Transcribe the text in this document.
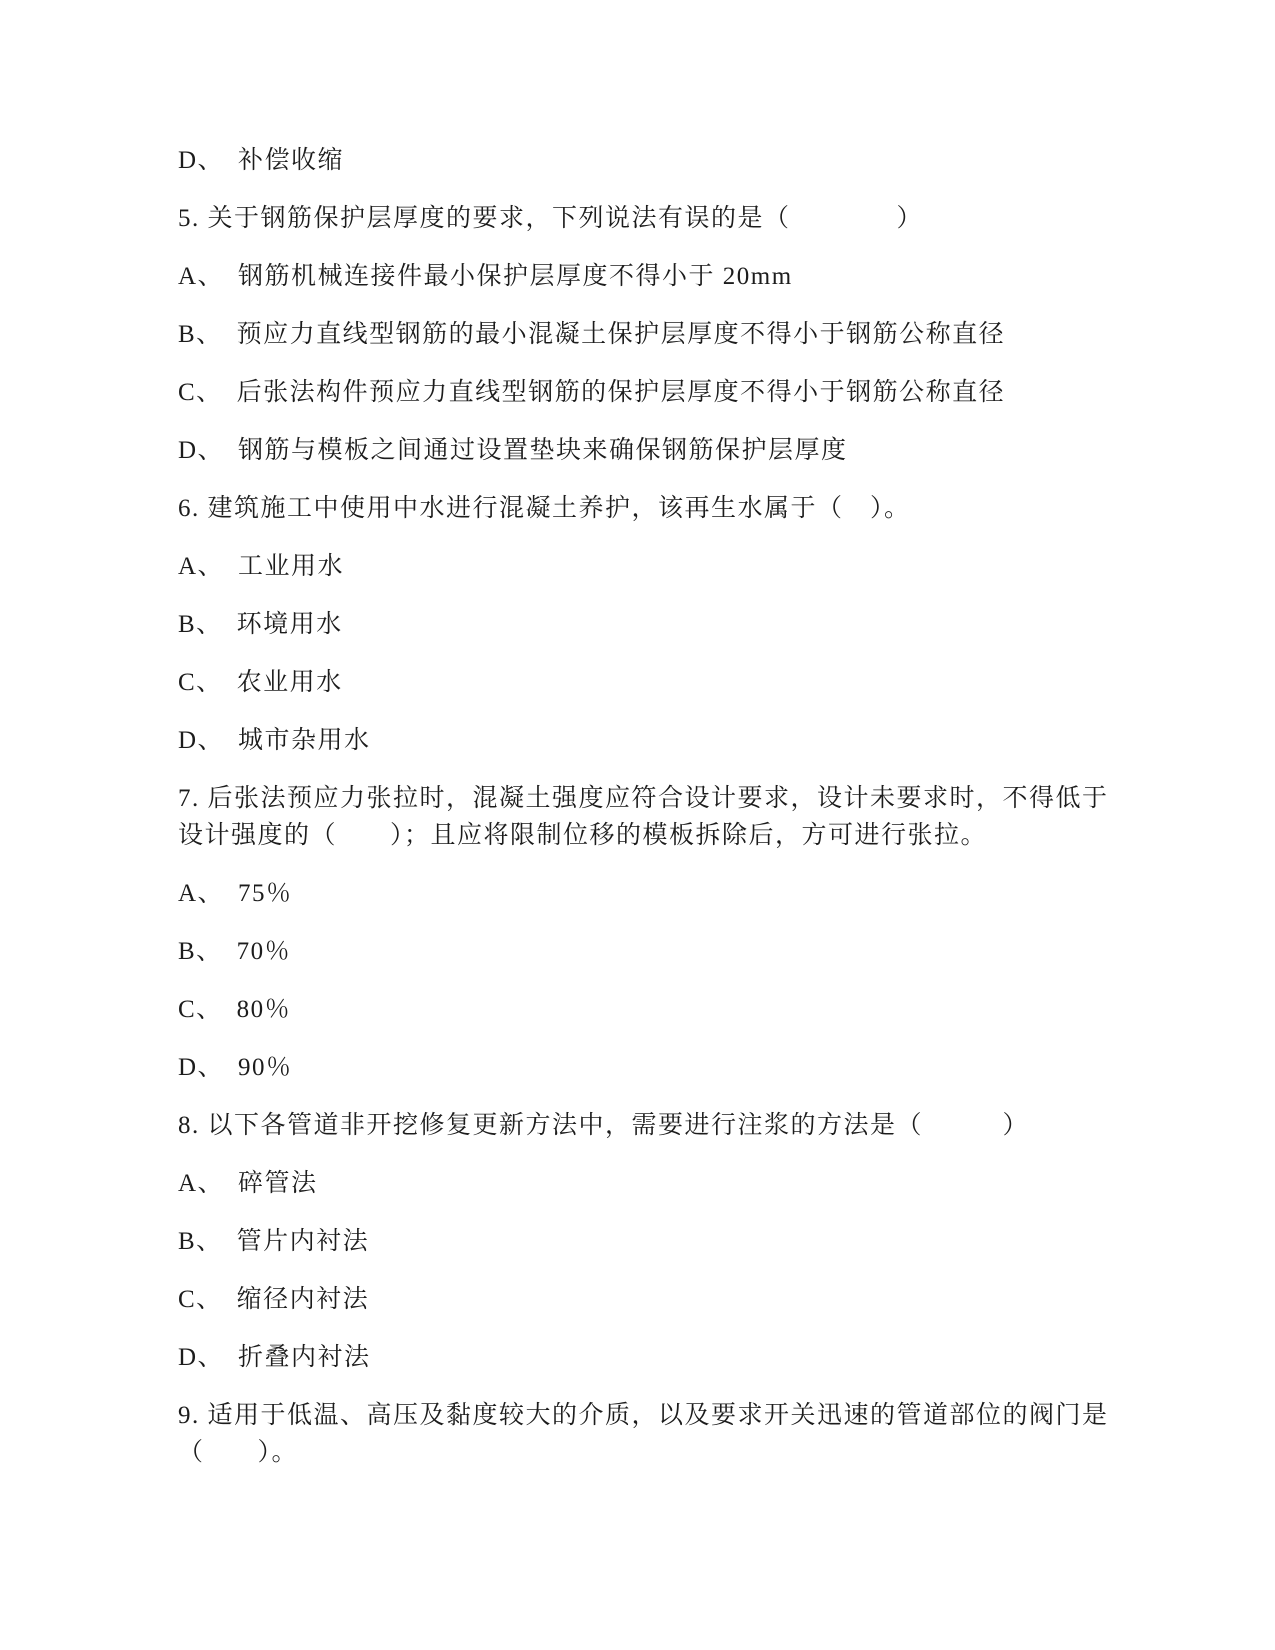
D、　补偿收缩

5. 关于钢筋保护层厚度的要求，下列说法有误的是（　　　　）

A、　钢筋机械连接件最小保护层厚度不得小于 20mm

B、　预应力直线型钢筋的最小混凝土保护层厚度不得小于钢筋公称直径

C、　后张法构件预应力直线型钢筋的保护层厚度不得小于钢筋公称直径

D、　钢筋与模板之间通过设置垫块来确保钢筋保护层厚度

6. 建筑施工中使用中水进行混凝土养护，该再生水属于（　）。

A、　工业用水

B、　环境用水

C、　农业用水

D、　城市杂用水

7. 后张法预应力张拉时，混凝土强度应符合设计要求，设计未要求时，不得低于

设计强度的（　　）；且应将限制位移的模板拆除后，方可进行张拉。

A、　75％

B、　70％

C、　80％

D、　90％

8. 以下各管道非开挖修复更新方法中，需要进行注浆的方法是（　　　）

A、　碎管法

B、　管片内衬法

C、　缩径内衬法

D、　折叠内衬法

9. 适用于低温、高压及黏度较大的介质，以及要求开关迅速的管道部位的阀门是

（　　）。
